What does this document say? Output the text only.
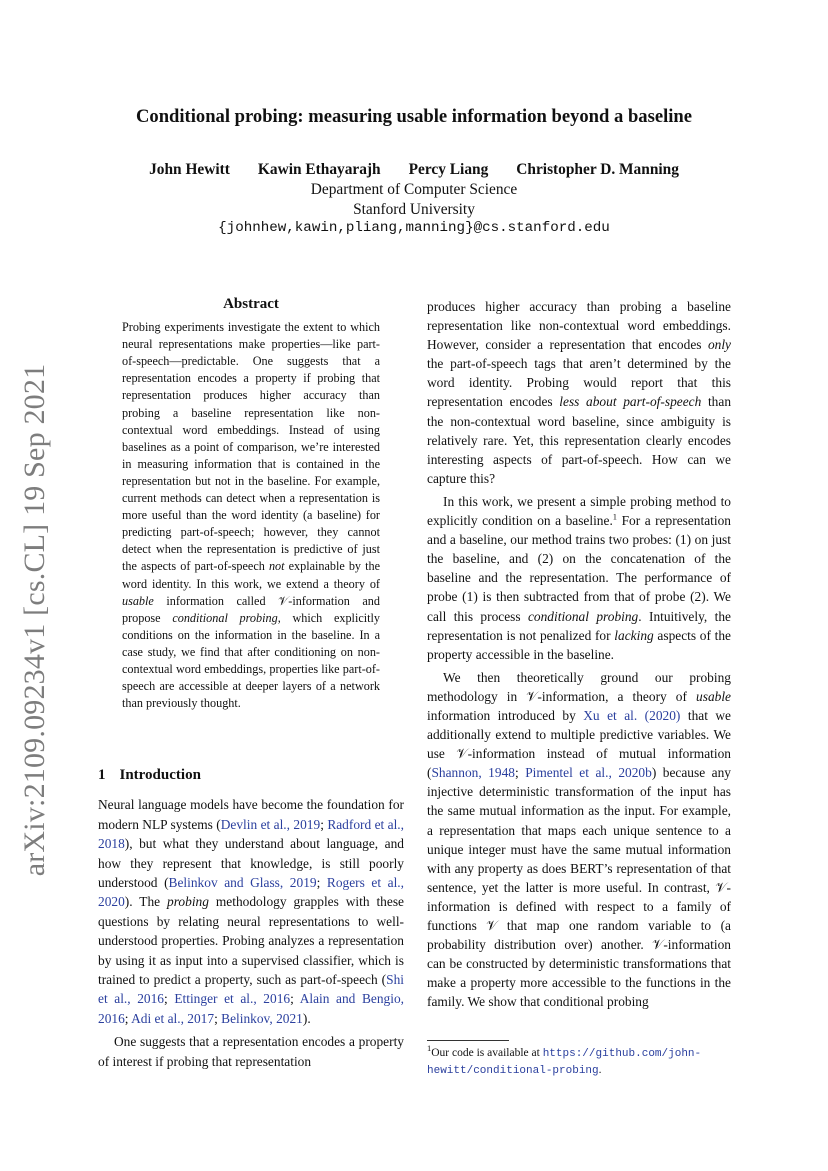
arXiv:2109.09234v1 [cs.CL] 19 Sep 2021
Conditional probing: measuring usable information beyond a baseline
John Hewitt Kawin Ethayarajh Percy Liang Christopher D. Manning
Department of Computer Science
Stanford University
{johnhew,kawin,pliang,manning}@cs.stanford.edu
Abstract

Probing experiments investigate the extent to which neural representations make properties—like part-of-speech—predictable. One suggests that a representation encodes a property if probing that representation produces higher accuracy than probing a baseline representation like non-contextual word embeddings. Instead of using baselines as a point of comparison, we’re interested in measuring information that is contained in the representation but not in the baseline. For example, current methods can detect when a representation is more useful than the word identity (a baseline) for predicting part-of-speech; however, they cannot detect when the representation is predictive of just the aspects of part-of-speech not explainable by the word identity. In this work, we extend a theory of usable information called 𝒱-information and propose conditional probing, which explicitly conditions on the information in the baseline. In a case study, we find that after conditioning on non-contextual word embeddings, properties like part-of-speech are accessible at deeper layers of a network than previously thought.

1 Introduction

Neural language models have become the foundation for modern NLP systems (Devlin et al., 2019; Radford et al., 2018), but what they understand about language, and how they represent that knowledge, is still poorly understood (Belinkov and Glass, 2019; Rogers et al., 2020). The probing methodology grapples with these questions by relating neural representations to well-understood properties. Probing analyzes a representation by using it as input into a supervised classifier, which is trained to predict a property, such as part-of-speech (Shi et al., 2016; Ettinger et al., 2016; Alain and Bengio, 2016; Adi et al., 2017; Belinkov, 2021).

One suggests that a representation encodes a property of interest if probing that representation

produces higher accuracy than probing a baseline representation like non-contextual word embeddings. However, consider a representation that encodes only the part-of-speech tags that aren’t determined by the word identity. Probing would report that this representation encodes less about part-of-speech than the non-contextual word baseline, since ambiguity is relatively rare. Yet, this representation clearly encodes interesting aspects of part-of-speech. How can we capture this?

In this work, we present a simple probing method to explicitly condition on a baseline.$^1$ For a representation and a baseline, our method trains two probes: (1) on just the baseline, and (2) on the concatenation of the baseline and the representation. The performance of probe (1) is then subtracted from that of probe (2). We call this process conditional probing. Intuitively, the representation is not penalized for lacking aspects of the property accessible in the baseline.

We then theoretically ground our probing methodology in 𝒱-information, a theory of usable information introduced by Xu et al. (2020) that we additionally extend to multiple predictive variables. We use 𝒱-information instead of mutual information (Shannon, 1948; Pimentel et al., 2020b) because any injective deterministic transformation of the input has the same mutual information as the input. For example, a representation that maps each unique sentence to a unique integer must have the same mutual information with any property as does BERT’s representation of that sentence, yet the latter is more useful. In contrast, 𝒱-information is defined with respect to a family of functions 𝒱 that map one random variable to (a probability distribution over) another. 𝒱-information can be constructed by deterministic transformations that make a property more accessible to the functions in the family. We show that conditional probing

$^1$Our code is available at https://github.com/john-hewitt/conditional-probing.
